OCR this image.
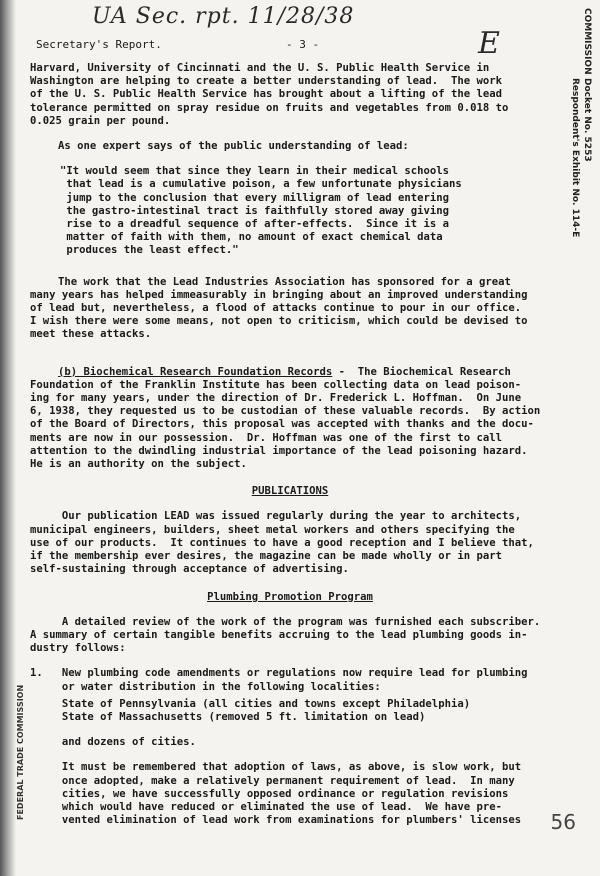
UA Sec. rpt. 11/28/38
E
Secretary's Report.	- 3 -
Docket No. 5253
Respondent's Exhibit No. 114-E
COMMISSION
FEDERAL TRADE COMMISSION

Harvard, University of Cincinnati and the U. S. Public Health Service in

Washington are helping to create a better understanding of lead.  The work

of the U. S. Public Health Service has brought about a lifting of the lead

tolerance permitted on spray residue on fruits and vegetables from 0.018 to

0.025 grain per pound.

As one expert says of the public understanding of lead:

"It would seem that since they learn in their medical schools

that lead is a cumulative poison, a few unfortunate physicians

jump to the conclusion that every milligram of lead entering

the gastro-intestinal tract is faithfully stored away giving

rise to a dreadful sequence of after-effects.  Since it is a

matter of faith with them, no amount of exact chemical data

produces the least effect."

The work that the Lead Industries Association has sponsored for a great

many years has helped immeasurably in bringing about an improved understanding

of lead but, nevertheless, a flood of attacks continue to pour in our office.

I wish there were some means, not open to criticism, which could be devised to

meet these attacks.

(b) Biochemical Research Foundation Records -  The Biochemical Research

Foundation of the Franklin Institute has been collecting data on lead poison-

ing for many years, under the direction of Dr. Frederick L. Hoffman.  On June

6, 1938, they requested us to be custodian of these valuable records.  By action

of the Board of Directors, this proposal was accepted with thanks and the docu-

ments are now in our possession.  Dr. Hoffman was one of the first to call

attention to the dwindling industrial importance of the lead poisoning hazard.

He is an authority on the subject.

PUBLICATIONS

Our publication LEAD was issued regularly during the year to architects,

municipal engineers, builders, sheet metal workers and others specifying the

use of our products.  It continues to have a good reception and I believe that,

if the membership ever desires, the magazine can be made wholly or in part

self-sustaining through acceptance of advertising.

Plumbing Promotion Program

A detailed review of the work of the program was furnished each subscriber.

A summary of certain tangible benefits accruing to the lead plumbing goods in-

dustry follows:

1.   New plumbing code amendments or regulations now require lead for plumbing

or water distribution in the following localities:

State of Pennsylvania (all cities and towns except Philadelphia)

State of Massachusetts (removed 5 ft. limitation on lead)

and dozens of cities.

It must be remembered that adoption of laws, as above, is slow work, but

once adopted, make a relatively permanent requirement of lead.  In many

cities, we have successfully opposed ordinance or regulation revisions

which would have reduced or eliminated the use of lead.  We have pre-

vented elimination of lead work from examinations for plumbers' licenses	56
